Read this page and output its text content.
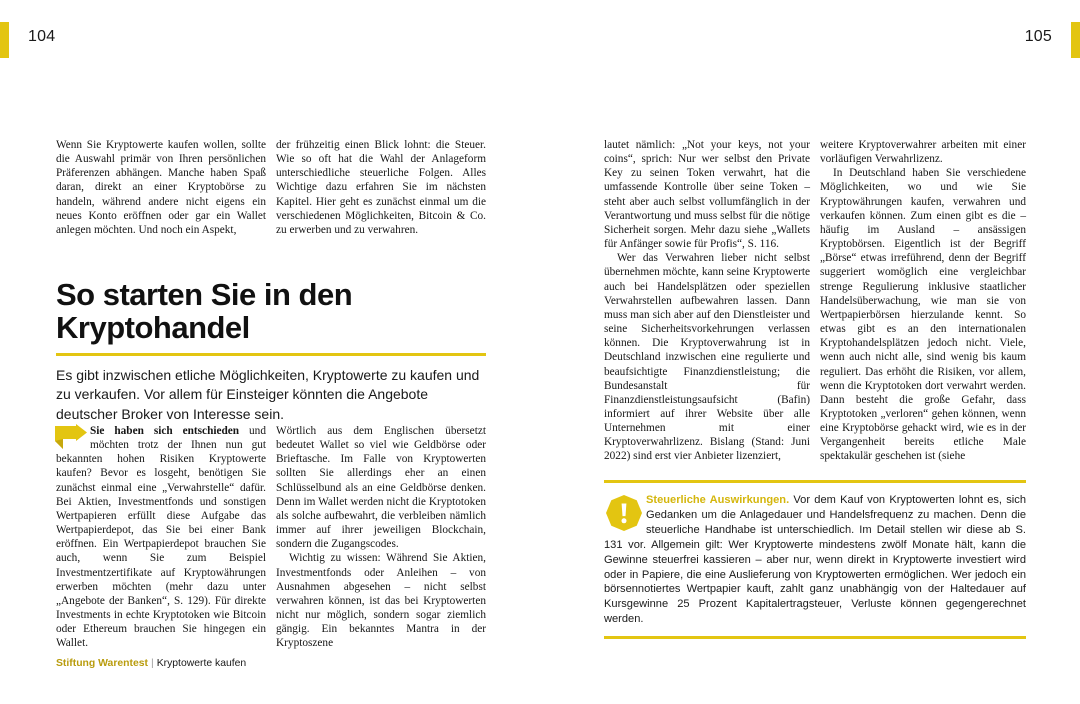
104	105

Wenn Sie Kryptowerte kaufen wollen, sollte die Auswahl primär von Ihren persönlichen Präferenzen abhängen. Manche haben Spaß daran, direkt an einer Kryptobörse zu handeln, während andere nicht eigens ein neues Konto eröffnen oder gar ein Wallet anlegen möchten. Und noch ein Aspekt,

der frühzeitig einen Blick lohnt: die Steuer. Wie so oft hat die Wahl der Anlageform unterschiedliche steuerliche Folgen. Alles Wichtige dazu erfahren Sie im nächsten Kapitel. Hier geht es zunächst einmal um die verschiedenen Möglichkeiten, Bitcoin & Co. zu erwerben und zu verwahren.

So starten Sie in den Kryptohandel
Es gibt inzwischen etliche Möglichkeiten, Kryptowerte zu kaufen und zu verkaufen. Vor allem für Einsteiger könnten die Angebote deutscher Broker von Interesse sein.

Sie haben sich entschieden und möchten trotz der Ihnen nun gut bekannten hohen Risiken Kryptowerte kaufen? Bevor es losgeht, benötigen Sie zunächst einmal eine „Verwahrstelle“ dafür. Bei Aktien, Investmentfonds und sonstigen Wertpapieren erfüllt diese Aufgabe das Wertpapierdepot, das Sie bei einer Bank eröffnen. Ein Wertpapierdepot brauchen Sie auch, wenn Sie zum Beispiel Investmentzertifikate auf Kryptowährungen erwerben möchten (mehr dazu unter „Angebote der Banken“, S. 129). Für direkte Investments in echte Kryptotoken wie Bitcoin oder Ethereum brauchen Sie hingegen ein Wallet.

Wörtlich aus dem Englischen übersetzt bedeutet Wallet so viel wie Geldbörse oder Brieftasche. Im Falle von Kryptowerten sollten Sie allerdings eher an einen Schlüsselbund als an eine Geldbörse denken. Denn im Wallet werden nicht die Kryptotoken als solche aufbewahrt, die verbleiben nämlich immer auf ihrer jeweiligen Blockchain, sondern die Zugangscodes.

Wichtig zu wissen: Während Sie Aktien, Investmentfonds oder Anleihen – von Ausnahmen abgesehen – nicht selbst verwahren können, ist das bei Kryptowerten nicht nur möglich, sondern sogar ziemlich gängig. Ein bekanntes Mantra in der Kryptoszene

lautet nämlich: „Not your keys, not your coins“, sprich: Nur wer selbst den Private Key zu seinen Token verwahrt, hat die umfassende Kontrolle über seine Token – steht aber auch selbst vollumfänglich in der Verantwortung und muss selbst für die nötige Sicherheit sorgen. Mehr dazu siehe „Wallets für Anfänger sowie für Profis“, S. 116.

Wer das Verwahren lieber nicht selbst übernehmen möchte, kann seine Kryptowerte auch bei Handelsplätzen oder speziellen Verwahrstellen aufbewahren lassen. Dann muss man sich aber auf den Dienstleister und seine Sicherheitsvorkehrungen verlassen können. Die Kryptoverwahrung ist in Deutschland inzwischen eine regulierte und beaufsichtigte Finanzdienstleistung; die Bundesanstalt für Finanzdienstleistungsaufsicht (Bafin) informiert auf ihrer Website über alle Unternehmen mit einer Kryptoverwahrlizenz. Bislang (Stand: Juni 2022) sind erst vier Anbieter lizenziert,

weitere Kryptoverwahrer arbeiten mit einer vorläufigen Verwahrlizenz.

In Deutschland haben Sie verschiedene Möglichkeiten, wo und wie Sie Kryptowährungen kaufen, verwahren und verkaufen können. Zum einen gibt es die – häufig im Ausland – ansässigen Kryptobörsen. Eigentlich ist der Begriff „Börse“ etwas irreführend, denn der Begriff suggeriert womöglich eine vergleichbar strenge Regulierung inklusive staatlicher Handelsüberwachung, wie man sie von Wertpapierbörsen hierzulande kennt. So etwas gibt es an den internationalen Kryptohandelsplätzen jedoch nicht. Viele, wenn auch nicht alle, sind wenig bis kaum reguliert. Das erhöht die Risiken, vor allem, wenn die Kryptotoken dort verwahrt werden. Dann besteht die große Gefahr, dass Kryptotoken „verloren“ gehen können, wenn eine Kryptobörse gehackt wird, wie es in der Vergangenheit bereits etliche Male spektakulär geschehen ist (siehe

Steuerliche Auswirkungen. Vor dem Kauf von Kryptowerten lohnt es, sich Gedanken um die Anlagedauer und Handelsfrequenz zu machen. Denn die steuerliche Handhabe ist unterschiedlich. Im Detail stellen wir diese ab S. 131 vor. Allgemein gilt: Wer Kryptowerte mindestens zwölf Monate hält, kann die Gewinne steuerfrei kassieren – aber nur, wenn direkt in Kryptowerte investiert wird oder in Papiere, die eine Auslieferung von Kryptowerten ermöglichen. Wer jedoch ein börsennotiertes Wertpapier kauft, zahlt ganz unabhängig von der Haltedauer auf Kursgewinne 25 Prozent Kapitalertragsteuer, Verluste können gegengerechnet werden.
Stiftung Warentest | Kryptowerte kaufen
